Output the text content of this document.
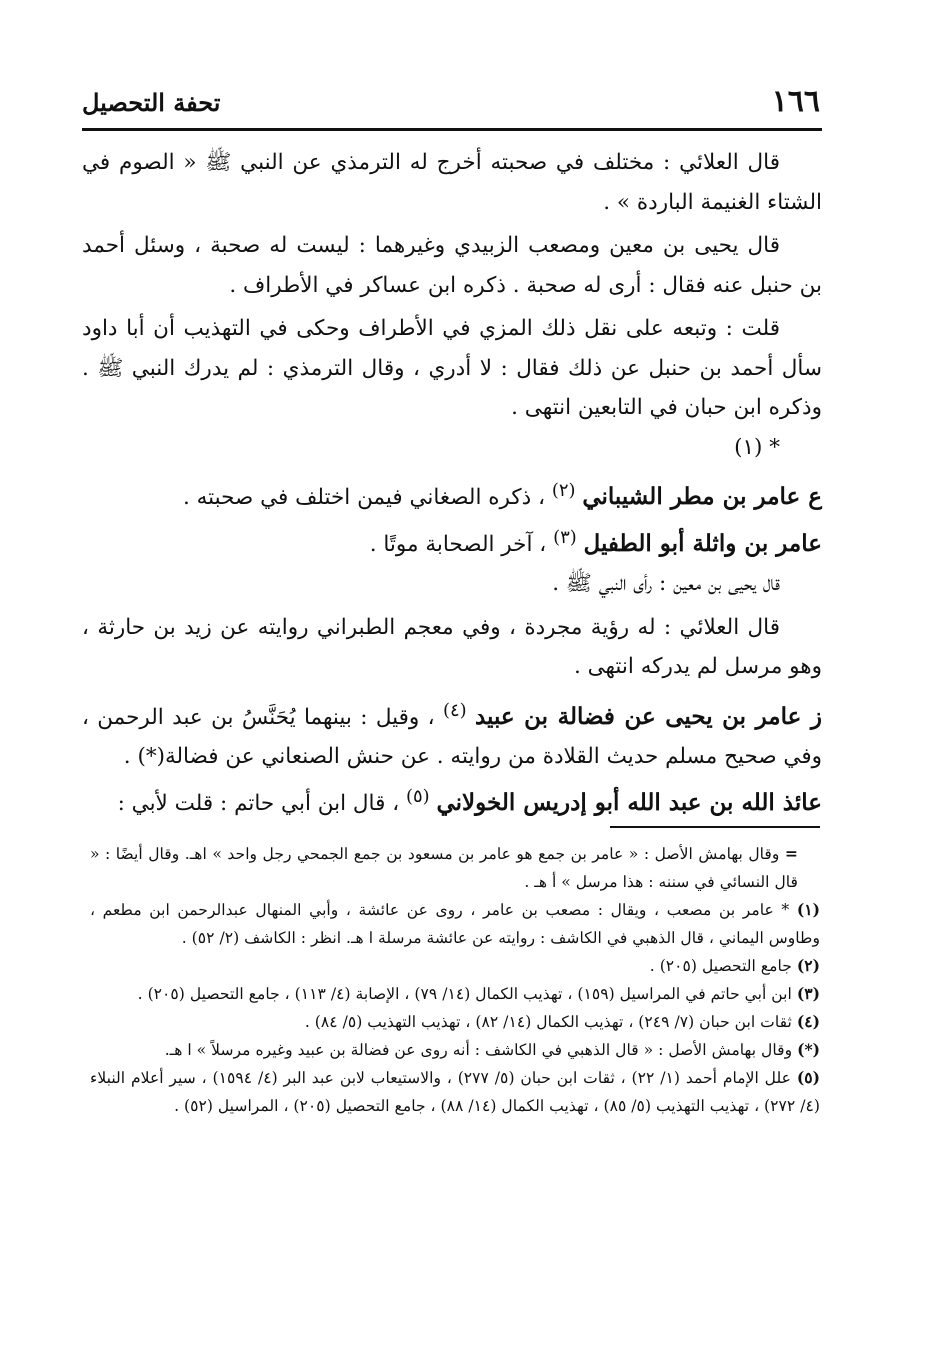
١٦٦
تحفة التحصيل

قال العلائي : مختلف في صحبته أخرج له الترمذي عن النبي ﷺ « الصوم في الشتاء الغنيمة الباردة » .

قال يحيى بن معين ومصعب الزبيدي وغيرهما : ليست له صحبة ، وسئل أحمد بن حنبل عنه فقال : أرى له صحبة . ذكره ابن عساكر في الأطراف .

قلت : وتبعه على نقل ذلك المزي في الأطراف وحكى في التهذيب أن أبا داود سأل أحمد بن حنبل عن ذلك فقال : لا أدري ، وقال الترمذي : لم يدرك النبي ﷺ . وذكره ابن حبان في التابعين انتهى .

* (١)

ع عامر بن مطر الشيباني $^{(٢)}$ ، ذكره الصغاني فيمن اختلف في صحبته .

عامر بن واثلة أبو الطفيل $^{(٣)}$ ، آخر الصحابة موتًا .

قال يحيى بن معين : رأى النبي ﷺ .

قال العلائي : له رؤية مجردة ، وفي معجم الطبراني روايته عن زيد بن حارثة ، وهو مرسل لم يدركه انتهى .

ز عامر بن يحيى عن فضالة بن عبيد $^{(٤)}$ ، وقيل : بينهما يُحَنَّسُ بن عبد الرحمن ، وفي صحيح مسلم حديث القلادة من روايته . عن حنش الصنعاني عن فضالة(*) .

عائذ الله بن عبد الله أبو إدريس الخولاني $^{(٥)}$ ، قال ابن أبي حاتم : قلت لأبي :

= وقال بهامش الأصل : « عامر بن جمع هو عامر بن مسعود بن جمع الجمحي رجل واحد » اهـ. وقال أيضًا : « قال النسائي في سننه : هذا مرسل » أ هـ .

(١) * عامر بن مصعب ، ويقال : مصعب بن عامر ، روى عن عائشة ، وأبي المنهال عبدالرحمن ابن مطعم ، وطاوس اليماني ، قال الذهبي في الكاشف : روايته عن عائشة مرسلة ا هـ. انظر : الكاشف (٢/ ٥٢) .

(٢) جامع التحصيل (٢٠٥) .

(٣) ابن أبي حاتم في المراسيل (١٥٩) ، تهذيب الكمال (١٤/ ٧٩) ، الإصابة (٤/ ١١٣) ، جامع التحصيل (٢٠٥) .

(٤) ثقات ابن حبان (٧/ ٢٤٩) ، تهذيب الكمال (١٤/ ٨٢) ، تهذيب التهذيب (٥/ ٨٤) .

(*) وقال بهامش الأصل : « قال الذهبي في الكاشف : أنه روى عن فضالة بن عبيد وغيره مرسلاً » ا هـ.

(٥) علل الإمام أحمد (١/ ٢٢) ، ثقات ابن حبان (٥/ ٢٧٧) ، والاستيعاب لابن عبد البر (٤/ ١٥٩٤) ، سير أعلام النبلاء (٤/ ٢٧٢) ، تهذيب التهذيب (٥/ ٨٥) ، تهذيب الكمال (١٤/ ٨٨) ، جامع التحصيل (٢٠٥) ، المراسيل (٥٢) .
